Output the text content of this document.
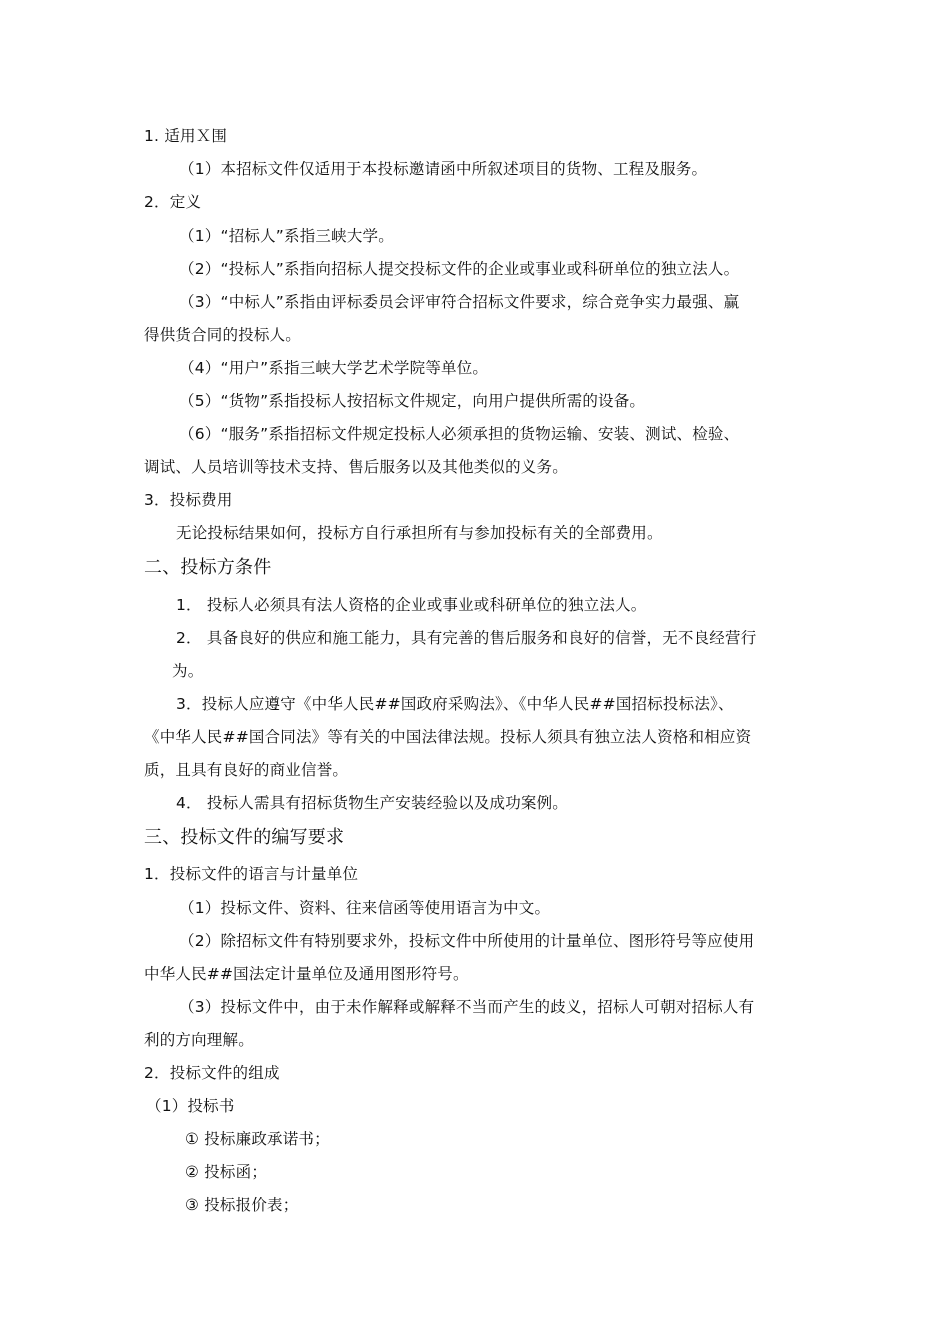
1. 适用Ｘ围
（1）本招标文件仅适用于本投标邀请函中所叙述项目的货物、工程及服务。
2．定义
（1）“招标人”系指三峡大学。
（2）“投标人”系指向招标人提交投标文件的企业或事业或科研单位的独立法人。
（3）“中标人”系指由评标委员会评审符合招标文件要求，综合竞争实力最强、赢
得供货合同的投标人。
（4）“用户”系指三峡大学艺术学院等单位。
（5）“货物”系指投标人按招标文件规定，向用户提供所需的设备。
（6）“服务”系指招标文件规定投标人必须承担的货物运输、安装、测试、检验、
调试、人员培训等技术支持、售后服务以及其他类似的义务。
3．投标费用
无论投标结果如何，投标方自行承担所有与参加投标有关的全部费用。
二、投标方条件
1． 投标人必须具有法人资格的企业或事业或科研单位的独立法人。
2． 具备良好的供应和施工能力，具有完善的售后服务和良好的信誉，无不良经营行
为。
3．投标人应遵守《中华人民##国政府采购法》、《中华人民##国招标投标法》、
《中华人民##国合同法》等有关的中国法律法规。投标人须具有独立法人资格和相应资
质，且具有良好的商业信誉。
4． 投标人需具有招标货物生产安装经验以及成功案例。
三、投标文件的编写要求
1．投标文件的语言与计量单位
（1）投标文件、资料、往来信函等使用语言为中文。
（2）除招标文件有特别要求外，投标文件中所使用的计量单位、图形符号等应使用
中华人民##国法定计量单位及通用图形符号。
（3）投标文件中，由于未作解释或解释不当而产生的歧义，招标人可朝对招标人有
利的方向理解。
2．投标文件的组成
（1）投标书
① 投标廉政承诺书；
② 投标函；
③ 投标报价表；
